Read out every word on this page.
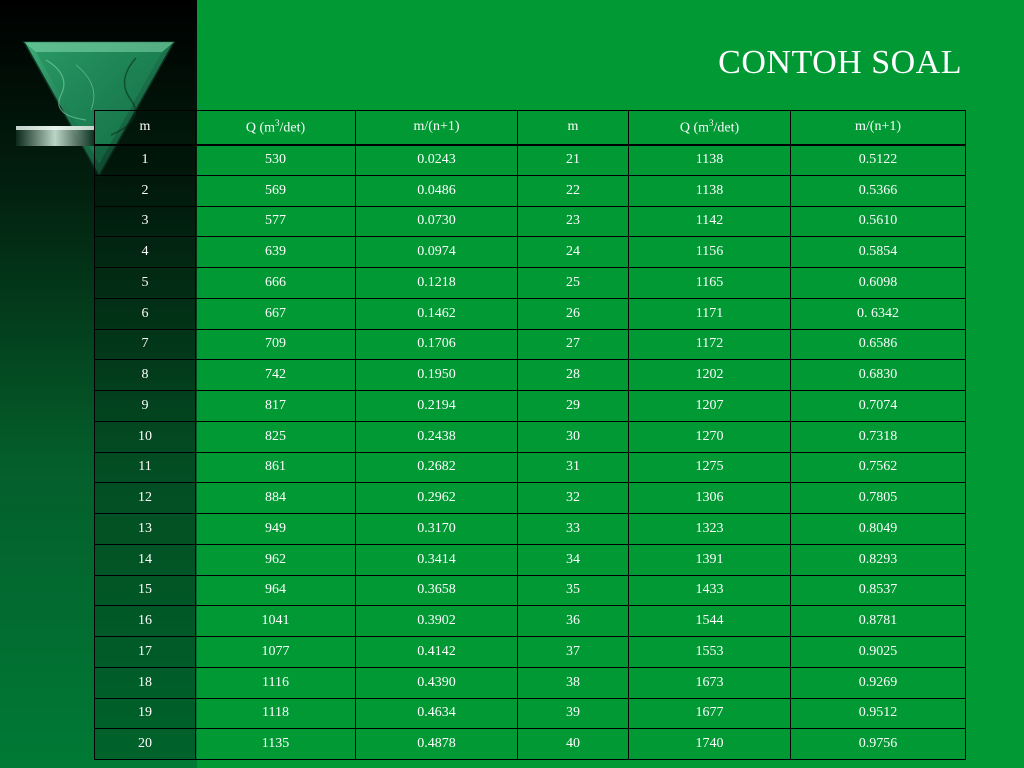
CONTOH SOAL
m	Q $(m^3/\det)$	m/(n+1)	m	Q $(m^3/\det)$	m/(n+1)
1	530	0.0243	21	1138	0.5122
2	569	0.0486	22	1138	0.5366
3	577	0.0730	23	1142	0.5610
4	639	0.0974	24	1156	0.5854
5	666	0.1218	25	1165	0.6098
6	667	0.1462	26	1171	0. 6342
7	709	0.1706	27	1172	0.6586
8	742	0.1950	28	1202	0.6830
9	817	0.2194	29	1207	0.7074
10	825	0.2438	30	1270	0.7318
11	861	0.2682	31	1275	0.7562
12	884	0.2962	32	1306	0.7805
13	949	0.3170	33	1323	0.8049
14	962	0.3414	34	1391	0.8293
15	964	0.3658	35	1433	0.8537
16	1041	0.3902	36	1544	0.8781
17	1077	0.4142	37	1553	0.9025
18	1116	0.4390	38	1673	0.9269
19	1118	0.4634	39	1677	0.9512
20	1135	0.4878	40	1740	0.9756
